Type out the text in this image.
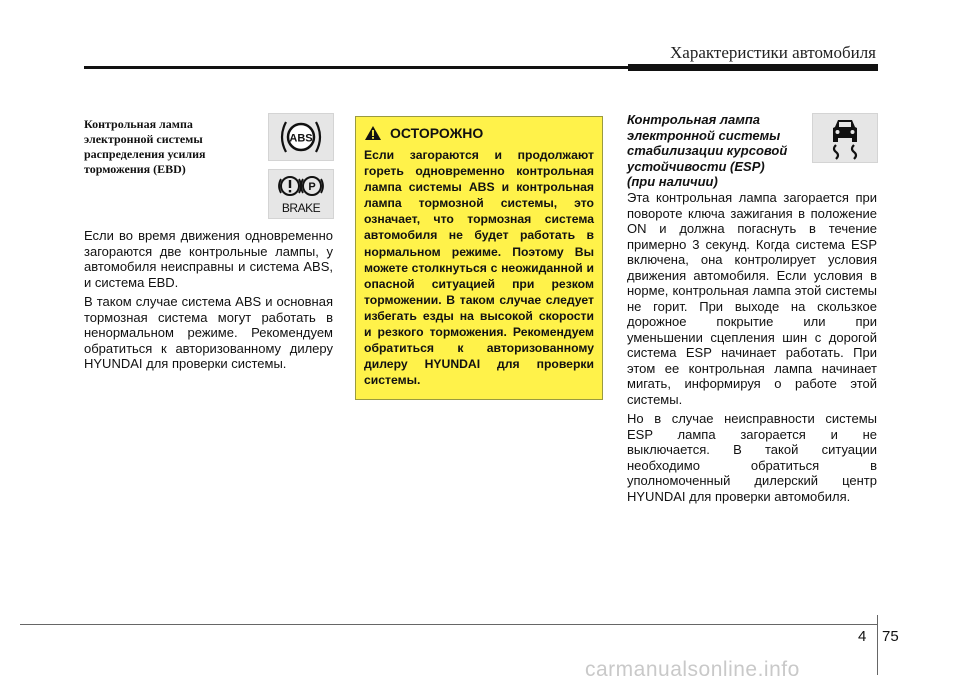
Характеристики автомобиля
Контрольная лампа
электронной системы
распределения усилия
торможения (EBD)
ABS
P
BRAKE

Если во время движения одновременно загораются две контрольные лампы, у автомобиля неисправны и система ABS, и система EBD.

В таком случае система ABS и основная тормозная система могут работать в ненормальном режиме. Рекомендуем обратиться к авторизованному дилеру HYUNDAI для проверки системы.

ОСТОРОЖНО
Если загораются и продолжают гореть одновременно контрольная лампа системы ABS и контрольная лампа тормозной системы, это означает, что тормозная система автомобиля не будет работать в нормальном режиме. Поэтому Вы можете столкнуться с неожиданной и опасной ситуацией при резком торможении. В таком случае следует избегать езды на высокой скорости и резкого торможения. Рекомендуем обратиться к авторизованному дилеру HYUNDAI для проверки системы.
Контрольная лампа
электронной системы
стабилизации курсовой
устойчивости (ESP)
(при наличии)

Эта контрольная лампа загорается при повороте ключа зажигания в положение ON и должна погаснуть в течение примерно 3 секунд. Когда система ESP включена, она контролирует условия движения автомобиля. Если условия в норме, контрольная лампа этой системы не горит. При выходе на скользкое дорожное покрытие или при уменьшении сцепления шин с дорогой система ESP начинает работать. При этом ее контрольная лампа начинает мигать, информируя о работе этой системы.

Но в случае неисправности системы ESP лампа загорается и не выключается. В такой ситуации необходимо обратиться в уполномоченный дилерский центр HYUNDAI для проверки автомобиля.

4 75
carmanualsonline.info
